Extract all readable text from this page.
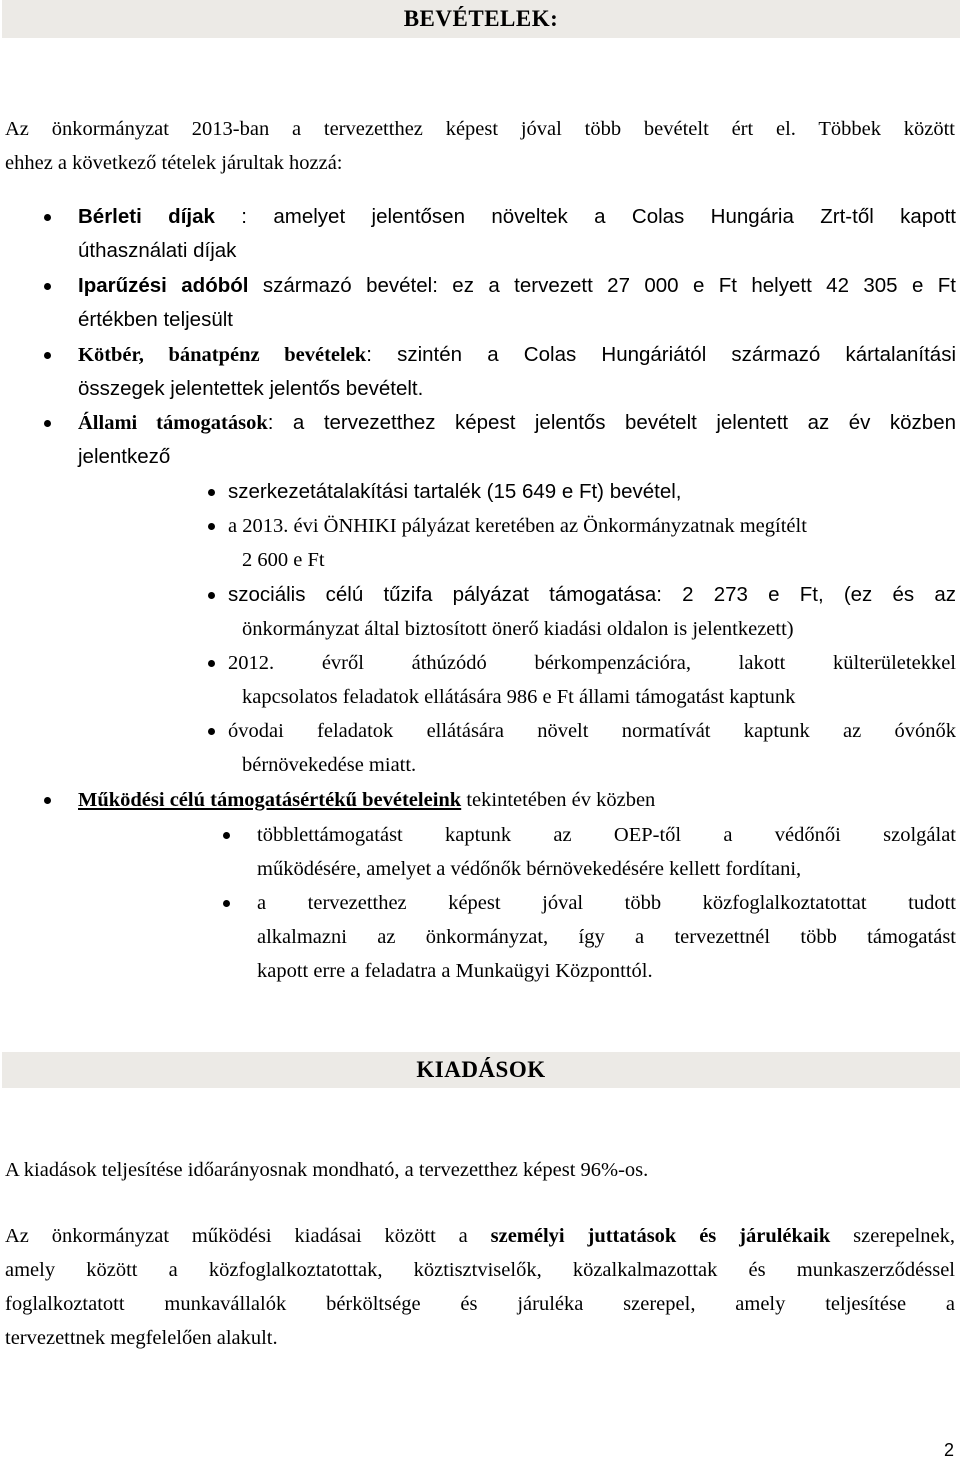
BEVÉTELEK:
Az önkormányzat 2013-ban a tervezetthez képest jóval több bevételt ért el. Többek között
ehhez a következő tételek járultak hozzá:
Bérleti díjak : amelyet jelentősen növeltek a Colas Hungária Zrt-től kapott
úthasználati díjak
Iparűzési adóból származó bevétel: ez a tervezett 27 000 e Ft helyett 42 305 e Ft
értékben teljesült
Kötbér, bánatpénz bevételek: szintén a Colas Hungáriától származó kártalanítási
összegek jelentettek jelentős bevételt.
Állami támogatások: a tervezetthez képest jelentős bevételt jelentett az év közben
jelentkező
szerkezetátalakítási tartalék (15 649 e Ft) bevétel,
a 2013. évi ÖNHIKI pályázat keretében az Önkormányzatnak megítélt
2 600 e Ft
szociális célú tűzifa pályázat támogatása: 2 273 e Ft, (ez és az
önkormányzat által biztosított önerő kiadási oldalon is jelentkezett)
2012. évről áthúzódó bérkompenzációra, lakott külterületekkel
kapcsolatos feladatok ellátására 986 e Ft állami támogatást kaptunk
óvodai feladatok ellátására növelt normatívát kaptunk az óvónők
bérnövekedése miatt.
Működési célú támogatásértékű bevételeink tekintetében év közben
többlettámogatást kaptunk az OEP-től a védőnői szolgálat
működésére, amelyet a védőnők bérnövekedésére kellett fordítani,
a tervezetthez képest jóval több közfoglalkoztatottat tudott
alkalmazni az önkormányzat, így a tervezettnél több támogatást
kapott erre a feladatra a Munkaügyi Központtól.
KIADÁSOK
A kiadások teljesítése időarányosnak mondható, a tervezetthez képest 96%-os.
Az önkormányzat működési kiadásai között a személyi juttatások és járulékaik szerepelnek,
amely között a közfoglalkoztatottak, köztisztviselők, közalkalmazottak és munkaszerződéssel
foglalkoztatott munkavállalók bérköltsége és járuléka szerepel, amely teljesítése a
tervezettnek megfelelően alakult.
2
